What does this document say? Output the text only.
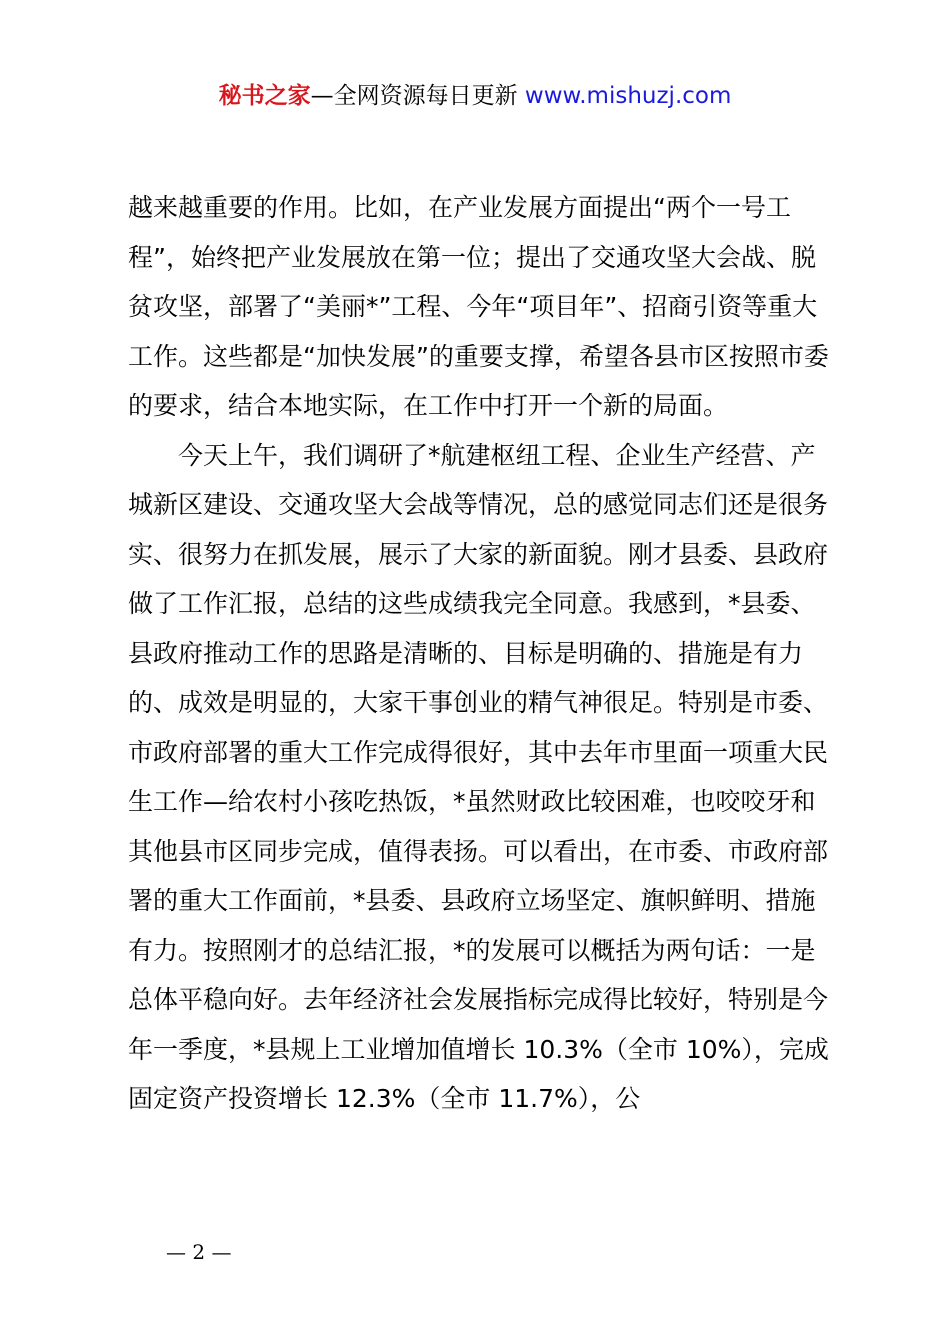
秘书之家—全网资源每日更新 www.mishuzj.com

越来越重要的作用。比如，在产业发展方面提出“两个一号工程”，始终把产业发展放在第一位；提出了交通攻坚大会战、脱贫攻坚，部署了“美丽*”工程、今年“项目年”、招商引资等重大工作。这些都是“加快发展”的重要支撑，希望各县市区按照市委的要求，结合本地实际，在工作中打开一个新的局面。

今天上午，我们调研了*航建枢纽工程、企业生产经营、产城新区建设、交通攻坚大会战等情况，总的感觉同志们还是很务实、很努力在抓发展，展示了大家的新面貌。刚才县委、县政府做了工作汇报，总结的这些成绩我完全同意。我感到，*县委、县政府推动工作的思路是清晰的、目标是明确的、措施是有力的、成效是明显的，大家干事创业的精气神很足。特别是市委、市政府部署的重大工作完成得很好，其中去年市里面一项重大民生工作—给农村小孩吃热饭，*虽然财政比较困难，也咬咬牙和其他县市区同步完成，值得表扬。可以看出，在市委、市政府部署的重大工作面前，*县委、县政府立场坚定、旗帜鲜明、措施有力。按照刚才的总结汇报，*的发展可以概括为两句话：一是总体平稳向好。去年经济社会发展指标完成得比较好，特别是今年一季度，*县规上工业增加值增长 10.3%（全市 10%），完成固定资产投资增长 12.3%（全市 11.7%），公

— 2 —
